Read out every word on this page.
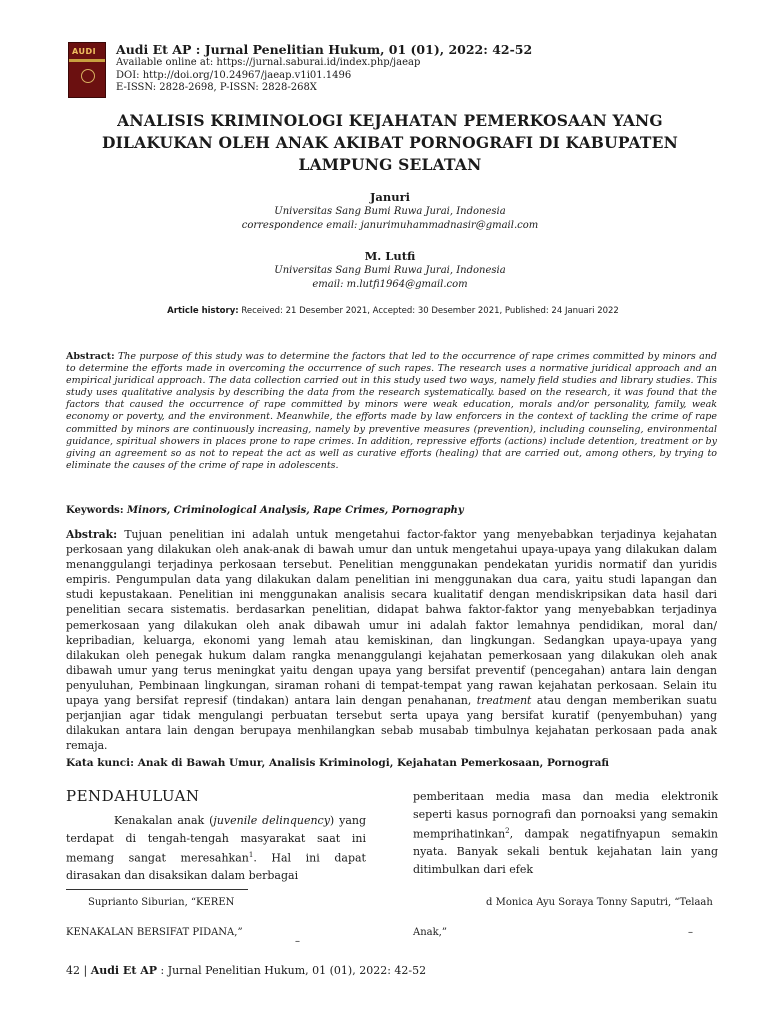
AUDI Audi Et AP : Jurnal Penelitian Hukum, 01 (01), 2022: 42-52
Available online at: https://jurnal.saburai.id/index.php/jaeap
DOI: http://doi.org/10.24967/jaeap.v1i01.1496
E-ISSN: 2828-2698, P-ISSN: 2828-268X
ANALISIS KRIMINOLOGI KEJAHATAN PEMERKOSAAN YANG
DILAKUKAN OLEH ANAK AKIBAT PORNOGRAFI DI KABUPATEN
LAMPUNG SELATAN
Januri
Universitas Sang Bumi Ruwa Jurai, Indonesia
correspondence email: janurimuhammadnasir@gmail.com
M. Lutfi
Universitas Sang Bumi Ruwa Jurai, Indonesia
email: m.lutfi1964@gmail.com
Article history: Received: 21 Desember 2021, Accepted: 30 Desember 2021, Published: 24 Januari 2022
Abstract: The purpose of this study was to determine the factors that led to the occurrence of rape crimes committed by minors and to determine the efforts made in overcoming the occurrence of such rapes. The research uses a normative juridical approach and an empirical juridical approach. The data collection carried out in this study used two ways, namely field studies and library studies. This study uses qualitative analysis by describing the data from the research systematically. based on the research, it was found that the factors that caused the occurrence of rape committed by minors were weak education, morals and/or personality, family, weak economy or poverty, and the environment. Meanwhile, the efforts made by law enforcers in the context of tackling the crime of rape committed by minors are continuously increasing, namely by preventive measures (prevention), including counseling, environmental guidance, spiritual showers in places prone to rape crimes. In addition, repressive efforts (actions) include detention, treatment or by giving an agreement so as not to repeat the act as well as curative efforts (healing) that are carried out, among others, by trying to eliminate the causes of the crime of rape in adolescents.
Keywords: Minors, Criminological Analysis, Rape Crimes, Pornography
Abstrak: Tujuan penelitian ini adalah untuk mengetahui factor-faktor yang menyebabkan terjadinya kejahatan perkosaan yang dilakukan oleh anak-anak di bawah umur dan untuk mengetahui upaya-upaya yang dilakukan dalam menanggulangi terjadinya perkosaan tersebut. Penelitian menggunakan pendekatan yuridis normatif dan yuridis empiris. Pengumpulan data yang dilakukan dalam penelitian ini menggunakan dua cara, yaitu studi lapangan dan studi kepustakaan. Penelitian ini menggunakan analisis secara kualitatif dengan mendiskripsikan data hasil dari penelitian secara sistematis. berdasarkan penelitian, didapat bahwa faktor-faktor yang menyebabkan terjadinya pemerkosaan yang dilakukan oleh anak dibawah umur ini adalah faktor lemahnya pendidikan, moral dan/ kepribadian, keluarga, ekonomi yang lemah atau kemiskinan, dan lingkungan. Sedangkan upaya-upaya yang dilakukan oleh penegak hukum dalam rangka menanggulangi kejahatan pemerkosaan yang dilakukan oleh anak dibawah umur yang terus meningkat yaitu dengan upaya yang bersifat preventif (pencegahan) antara lain dengan penyuluhan, Pembinaan lingkungan, siraman rohani di tempat-tempat yang rawan kejahatan perkosaan. Selain itu upaya yang bersifat represif (tindakan) antara lain dengan penahanan, treatment atau dengan memberikan suatu perjanjian agar tidak mengulangi perbuatan tersebut serta upaya yang bersifat kuratif (penyembuhan) yang dilakukan antara lain dengan berupaya menhilangkan sebab musabab timbulnya kejahatan perkosaan pada anak remaja.
Kata kunci: Anak di Bawah Umur, Analisis Kriminologi, Kejahatan Pemerkosaan, Pornografi
PENDAHULUAN
Kenakalan anak (juvenile delinquency) yang terdapat di tengah-tengah masyarakat saat ini memang sangat meresahkan$^1$. Hal ini dapat dirasakan dan disaksikan dalam berbagai
pemberitaan media masa dan media elektronik seperti kasus pornografi dan pornoaksi yang semakin memprihatinkan$^2$, dampak negatifnyapun semakin nyata. Banyak sekali bentuk kejahatan lain yang ditimbulkan dari efek
Suprianto Siburian, “KEREN
KENAKALAN BERSIFAT PIDANA,”
–
d Monica Ayu Soraya Tonny Saputri, “Telaah
Anak,”	–
42 | Audi Et AP : Jurnal Penelitian Hukum, 01 (01), 2022: 42-52
